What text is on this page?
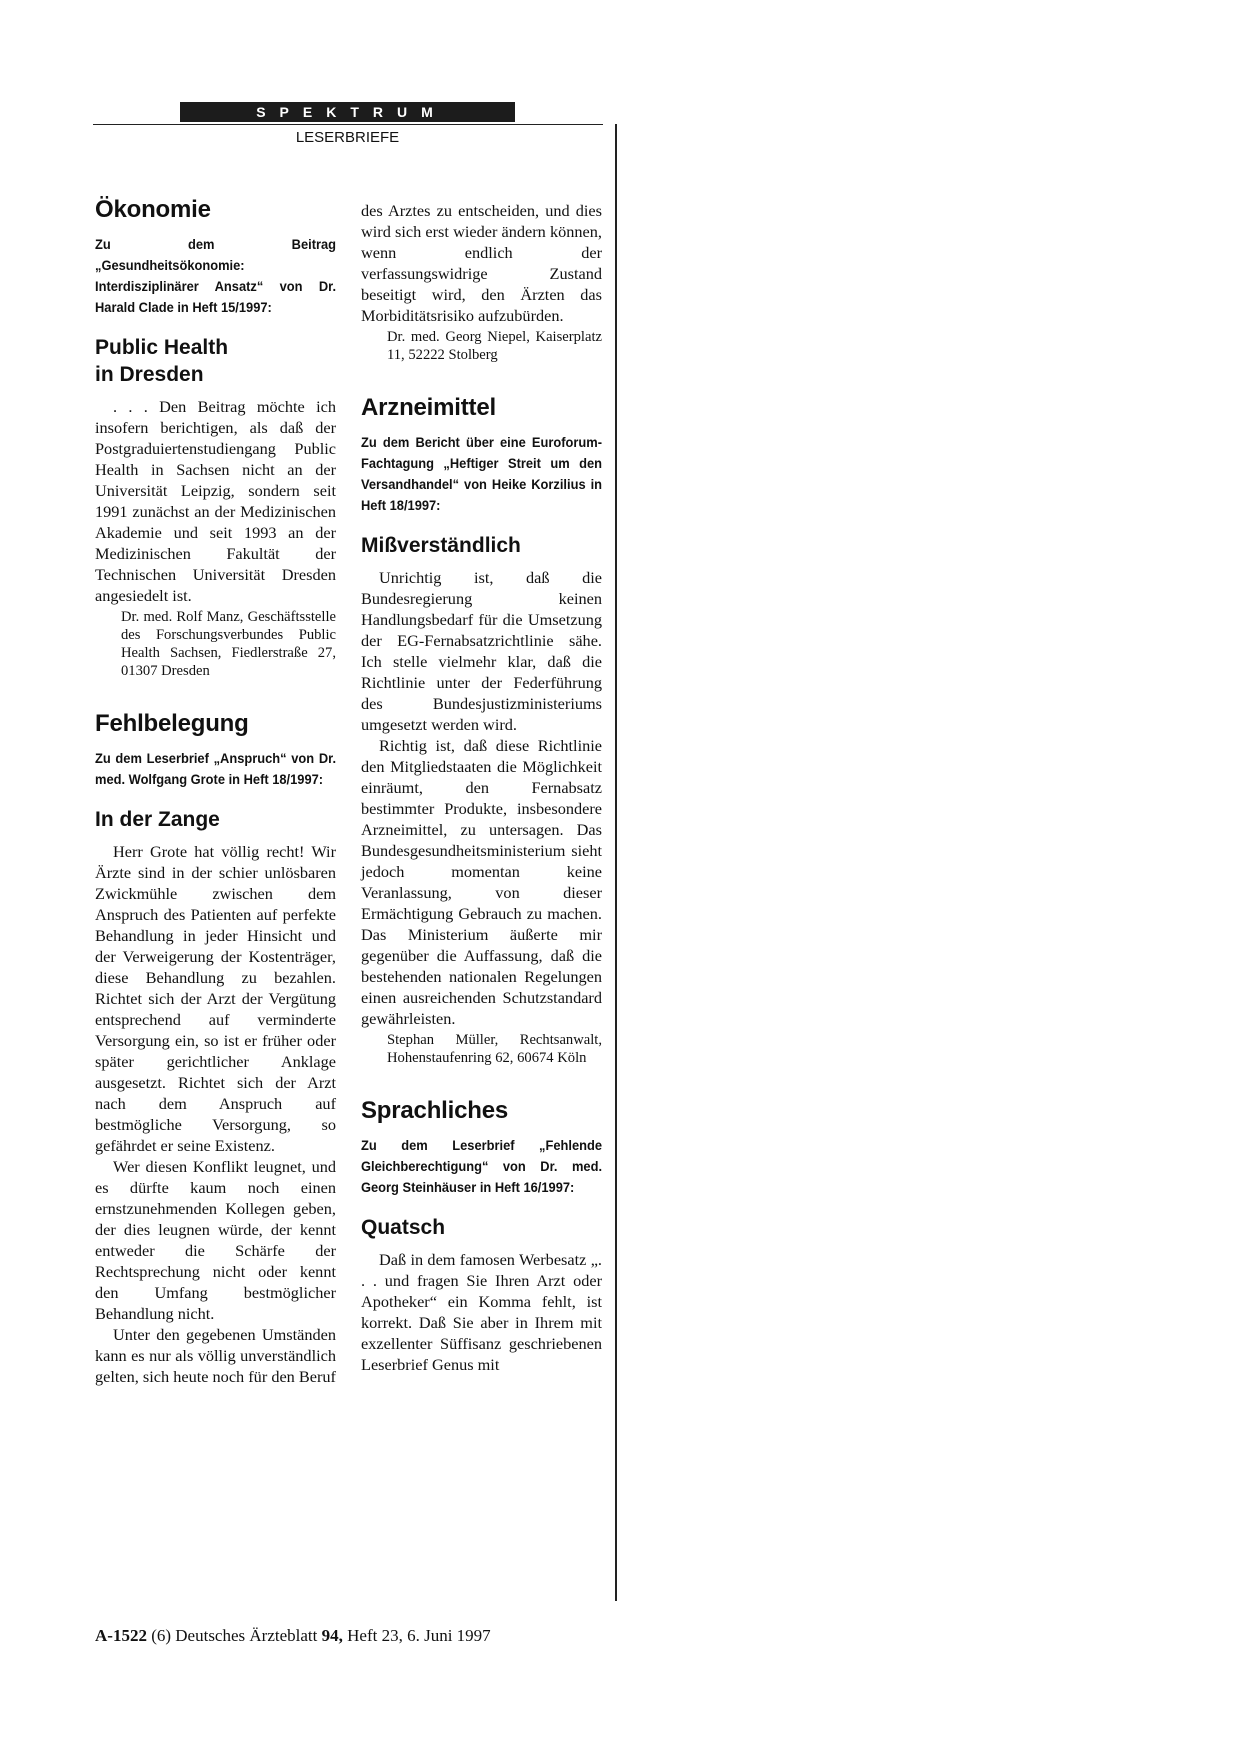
SPEKTRUM
LESERBRIEFE
Ökonomie
Zu dem Beitrag „Gesundheitsökonomie: Interdisziplinärer Ansatz“ von Dr. Harald Clade in Heft 15/1997:
Public Health
in Dresden

. . . Den Beitrag möchte ich insofern berichtigen, als daß der Postgraduiertenstudiengang Public Health in Sachsen nicht an der Universität Leipzig, sondern seit 1991 zunächst an der Medizinischen Akademie und seit 1993 an der Medizinischen Fakultät der Technischen Universität Dresden angesiedelt ist.

Dr. med. Rolf Manz, Geschäftsstelle des Forschungsverbundes Public Health Sachsen, Fiedlerstraße 27, 01307 Dresden

Fehlbelegung
Zu dem Leserbrief „Anspruch“ von Dr. med. Wolfgang Grote in Heft 18/1997:
In der Zange

Herr Grote hat völlig recht! Wir Ärzte sind in der schier unlösbaren Zwickmühle zwischen dem Anspruch des Patienten auf perfekte Behandlung in jeder Hinsicht und der Verweigerung der Kostenträger, diese Behandlung zu bezahlen. Richtet sich der Arzt der Vergütung entsprechend auf verminderte Versorgung ein, so ist er früher oder später gerichtlicher Anklage ausgesetzt. Richtet sich der Arzt nach dem Anspruch auf bestmögliche Versorgung, so gefährdet er seine Existenz.

Wer diesen Konflikt leugnet, und es dürfte kaum noch einen ernstzunehmenden Kollegen geben, der dies leugnen würde, der kennt entweder die Schärfe der Rechtsprechung nicht oder kennt den Umfang bestmöglicher Behandlung nicht.

Unter den gegebenen Umständen kann es nur als völlig unverständlich gelten, sich heute noch für den Beruf

des Arztes zu entscheiden, und dies wird sich erst wieder ändern können, wenn endlich der verfassungswidrige Zustand beseitigt wird, den Ärzten das Morbiditätsrisiko aufzubürden.

Dr. med. Georg Niepel, Kaiserplatz 11, 52222 Stolberg

Arzneimittel
Zu dem Bericht über eine Euroforum-Fachtagung „Heftiger Streit um den Versandhandel“ von Heike Korzilius in Heft 18/1997:
Mißverständlich

Unrichtig ist, daß die Bundesregierung keinen Handlungsbedarf für die Umsetzung der EG-Fernabsatzrichtlinie sähe. Ich stelle vielmehr klar, daß die Richtlinie unter der Federführung des Bundesjustizministeriums umgesetzt werden wird.

Richtig ist, daß diese Richtlinie den Mitgliedstaaten die Möglichkeit einräumt, den Fernabsatz bestimmter Produkte, insbesondere Arzneimittel, zu untersagen. Das Bundesgesundheitsministerium sieht jedoch momentan keine Veranlassung, von dieser Ermächtigung Gebrauch zu machen. Das Ministerium äußerte mir gegenüber die Auffassung, daß die bestehenden nationalen Regelungen einen ausreichenden Schutzstandard gewährleisten.

Stephan Müller, Rechtsanwalt, Hohenstaufenring 62, 60674 Köln

Sprachliches
Zu dem Leserbrief „Fehlende Gleichberechtigung“ von Dr. med. Georg Steinhäuser in Heft 16/1997:
Quatsch

Daß in dem famosen Werbesatz „. . . und fragen Sie Ihren Arzt oder Apotheker“ ein Komma fehlt, ist korrekt. Daß Sie aber in Ihrem mit exzellenter Süffisanz geschriebenen Leserbrief Genus mit

A-1522 (6) Deutsches Ärzteblatt 94, Heft 23, 6. Juni 1997
